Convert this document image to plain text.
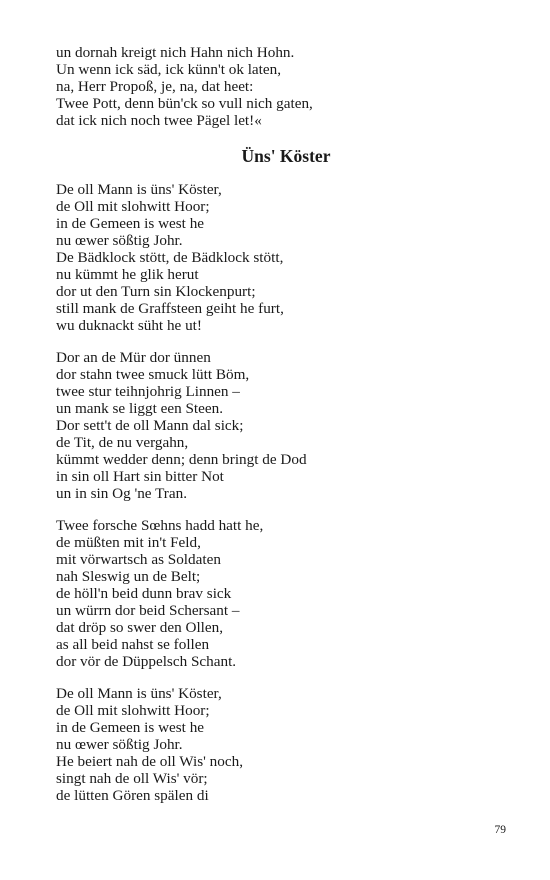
un dornah kreigt nich Hahn nich Hohn.
Un wenn ick säd, ick künn't ok laten,
na, Herr Propoß, je, na, dat heet:
Twee Pott, denn bün'ck so vull nich gaten,
dat ick nich noch twee Pägel let!«
Üns' Köster
De oll Mann is üns' Köster,
de Oll mit slohwitt Hoor;
in de Gemeen is west he
nu œwer sößtig Johr.
De Bädklock stött, de Bädklock stött,
nu kümmt he glik herut
dor ut den Turn sin Klockenpurt;
still mank de Graffsteen geiht he furt,
wu duknackt süht he ut!
Dor an de Mür dor ünnen
dor stahn twee smuck lütt Böm,
twee stur teihnjohrig Linnen –
un mank se liggt een Steen.
Dor sett't de oll Mann dal sick;
de Tit, de nu vergahn,
kümmt wedder denn; denn bringt de Dod
in sin oll Hart sin bitter Not
un in sin Og 'ne Tran.
Twee forsche Sœhns hadd hatt he,
de müßten mit in't Feld,
mit vörwartsch as Soldaten
nah Sleswig un de Belt;
de höll'n beid dunn brav sick
un würrn dor beid Schersant –
dat dröp so swer den Ollen,
as all beid nahst se follen
dor vör de Düppelsch Schant.
De oll Mann is üns' Köster,
de Oll mit slohwitt Hoor;
in de Gemeen is west he
nu œwer sößtig Johr.
He beiert nah de oll Wis' noch,
singt nah de oll Wis' vör;
de lütten Gören spälen di
79
